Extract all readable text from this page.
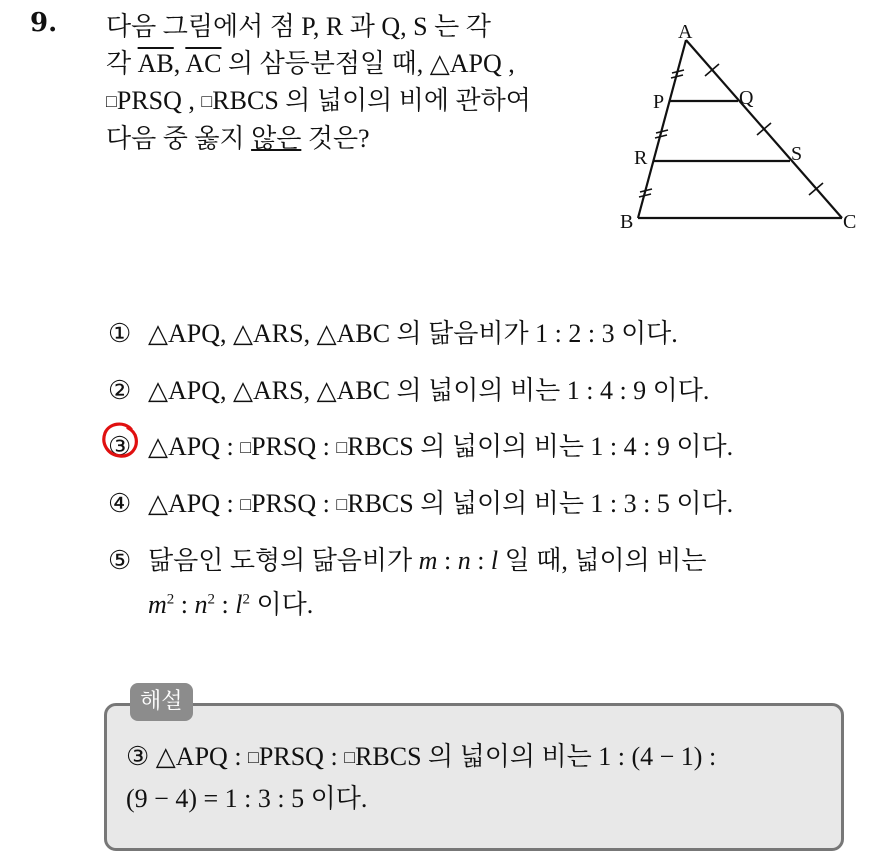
9. 다음 그림에서 점 P, R 과 Q, S 는 각
각 $\overline{AB}$, $\overline{AC}$ 의 삼등분점일 때, △APQ ,
□PRSQ , □RBCS 의 넓이의 비에 관하여
다음 중 옳지 않은 것은?
A
P	Q
R	S
B	C
① △APQ, △ARS, △ABC 의 닮음비가 1 : 2 : 3 이다.
② △APQ, △ARS, △ABC 의 넓이의 비는 1 : 4 : 9 이다.
③ △APQ : □PRSQ : □RBCS 의 넓이의 비는 1 : 4 : 9 이다.
④ △APQ : □PRSQ : □RBCS 의 넓이의 비는 1 : 3 : 5 이다.
⑤ 닮음인 도형의 닮음비가 m : n : l 일 때, 넓이의 비는
$m^2$ : $n^2$ : $l^2$ 이다.
해설
③ △APQ : □PRSQ : □RBCS 의 넓이의 비는 1 : (4 − 1) :
(9 − 4) = 1 : 3 : 5 이다.
